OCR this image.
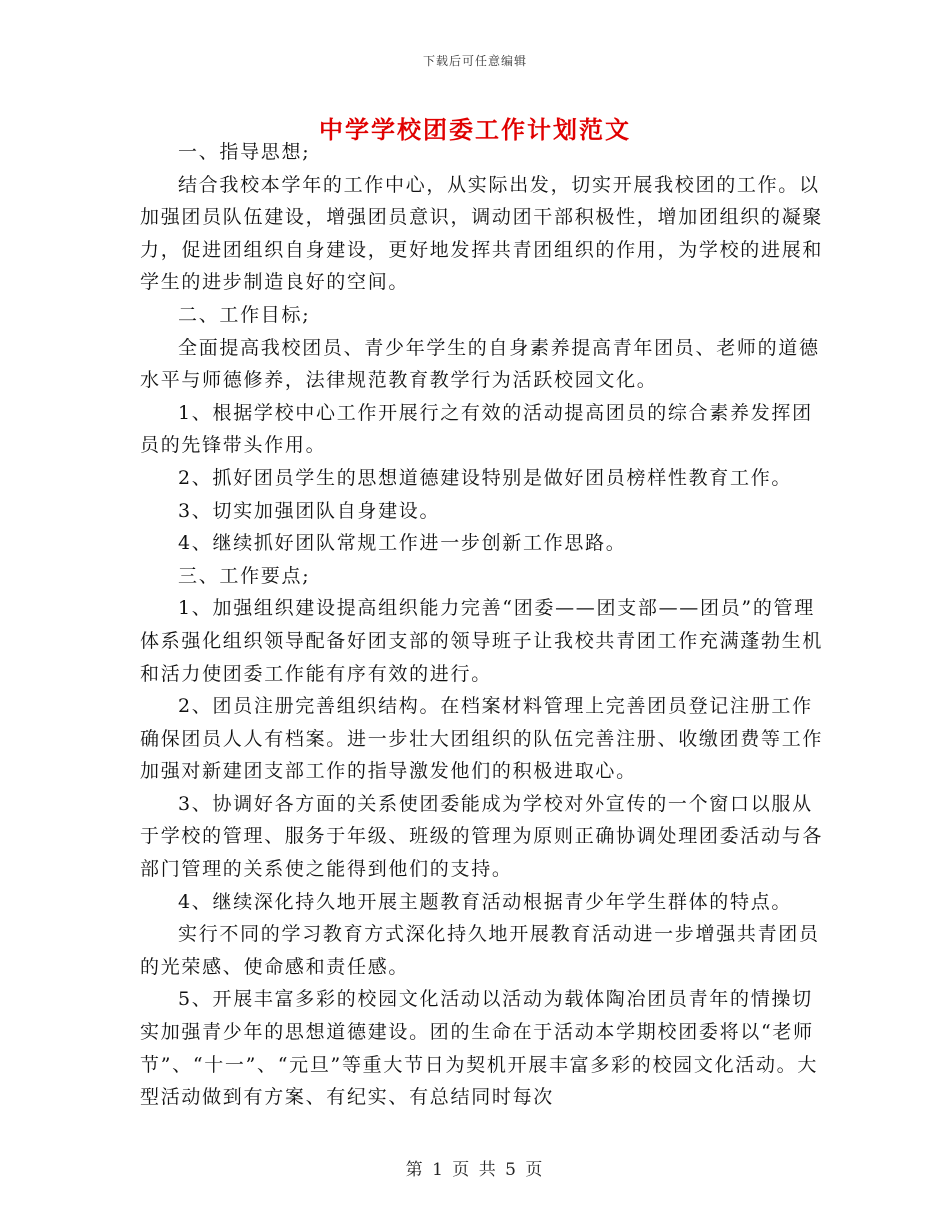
下载后可任意编辑
中学学校团委工作计划范文

一、指导思想;

结合我校本学年的工作中心，从实际出发，切实开展我校团的工作。以加强团员队伍建设，增强团员意识，调动团干部积极性，增加团组织的凝聚力，促进团组织自身建设，更好地发挥共青团组织的作用，为学校的进展和学生的进步制造良好的空间。

二、工作目标;

全面提高我校团员、青少年学生的自身素养提高青年团员、老师的道德水平与师德修养，法律规范教育教学行为活跃校园文化。

1、根据学校中心工作开展行之有效的活动提高团员的综合素养发挥团员的先锋带头作用。

2、抓好团员学生的思想道德建设特别是做好团员榜样性教育工作。

3、切实加强团队自身建设。

4、继续抓好团队常规工作进一步创新工作思路。

三、工作要点;

1、加强组织建设提高组织能力完善“团委——团支部——团员”的管理体系强化组织领导配备好团支部的领导班子让我校共青团工作充满蓬勃生机和活力使团委工作能有序有效的进行。

2、团员注册完善组织结构。在档案材料管理上完善团员登记注册工作确保团员人人有档案。进一步壮大团组织的队伍完善注册、收缴团费等工作加强对新建团支部工作的指导激发他们的积极进取心。

3、协调好各方面的关系使团委能成为学校对外宣传的一个窗口以服从于学校的管理、服务于年级、班级的管理为原则正确协调处理团委活动与各部门管理的关系使之能得到他们的支持。

4、继续深化持久地开展主题教育活动根据青少年学生群体的特点。

实行不同的学习教育方式深化持久地开展教育活动进一步增强共青团员的光荣感、使命感和责任感。

5、开展丰富多彩的校园文化活动以活动为载体陶冶团员青年的情操切实加强青少年的思想道德建设。团的生命在于活动本学期校团委将以“老师节”、“十一”、“元旦”等重大节日为契机开展丰富多彩的校园文化活动。大型活动做到有方案、有纪实、有总结同时每次

第 1 页 共 5 页
